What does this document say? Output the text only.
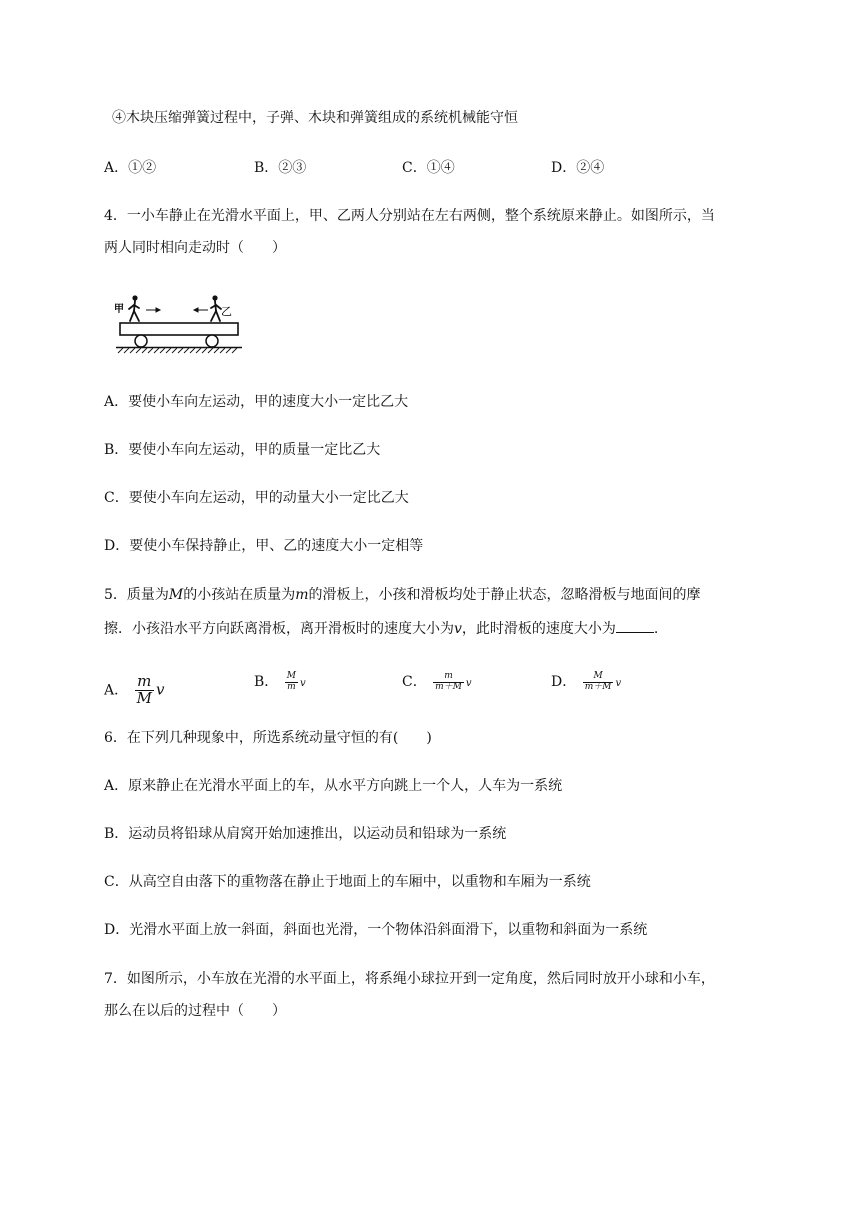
④木块压缩弹簧过程中，子弹、木块和弹簧组成的系统机械能守恒
A．①②	B．②③	C．①④	D．②④
4．一小车静止在光滑水平面上，甲、乙两人分别站在左右两侧，整个系统原来静止。如图所示，当
两人同时相向走动时（　　）
甲	乙
A．要使小车向左运动，甲的速度大小一定比乙大
B．要使小车向左运动，甲的质量一定比乙大
C．要使小车向左运动，甲的动量大小一定比乙大
D．要使小车保持静止，甲、乙的速度大小一定相等
5．质量为M的小孩站在质量为m的滑板上，小孩和滑板均处于静止状态，忽略滑板与地面间的摩
擦．小孩沿水平方向跃离滑板，离开滑板时的速度大小为v，此时滑板的速度大小为	.
A． $\frac{m}{M}$ v	B． $\frac{M}{m}$ v	C． $\frac{m}{m+M}$ v	D． $\frac{M}{m+M}$ v
6．在下列几种现象中，所选系统动量守恒的有(　　)
A．原来静止在光滑水平面上的车，从水平方向跳上一个人，人车为一系统
B．运动员将铅球从肩窝开始加速推出，以运动员和铅球为一系统
C．从高空自由落下的重物落在静止于地面上的车厢中，以重物和车厢为一系统
D．光滑水平面上放一斜面，斜面也光滑，一个物体沿斜面滑下，以重物和斜面为一系统
7．如图所示，小车放在光滑的水平面上，将系绳小球拉开到一定角度，然后同时放开小球和小车，
那么在以后的过程中（　　）
